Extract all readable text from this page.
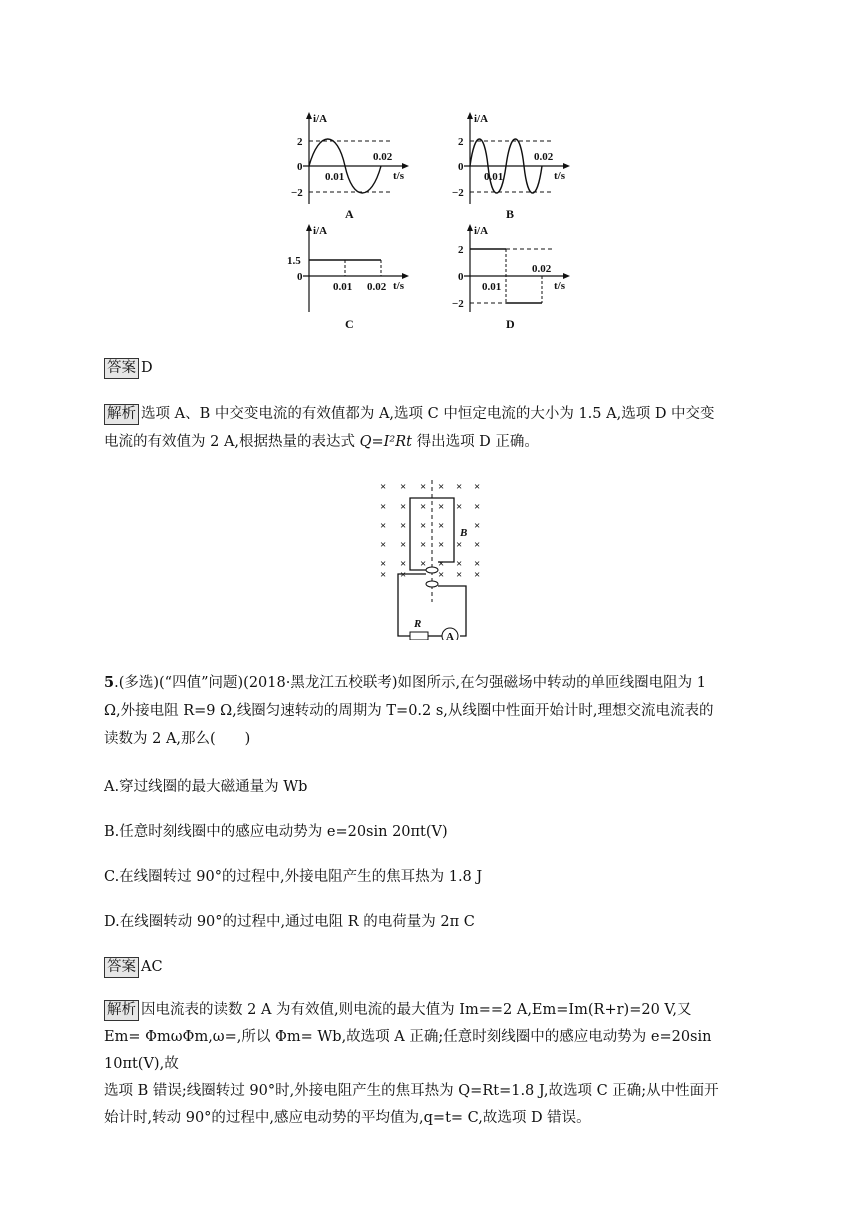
i/A
t/s
2
0
−2
0.01
0.02
A
i/A
t/s
2
0
−2
0.01
0.02
B
i/A
t/s
1.5
0
0.01 0.02
C
i/A
t/s
2
0
−2
0.01
0.02
D
答案 D
解析 选项 A、B 中交变电流的有效值都为 A,选项 C 中恒定电流的大小为 1.5 A,选项 D 中交变
电流的有效值为 2 A,根据热量的表达式 Q=I²Rt 得出选项 D 正确。
× × × × × ×
× × × × × ×
× × × ×	×
× × × × × ×
× × × × × ×
× ×	× × ×
B
A
R
5.(多选)(“四值”问题)(2018·黑龙江五校联考)如图所示,在匀强磁场中转动的单匝线圈电阻为 1
Ω,外接电阻 R=9 Ω,线圈匀速转动的周期为 T=0.2 s,从线圈中性面开始计时,理想交流电流表的
读数为 2 A,那么(　　)
A.穿过线圈的最大磁通量为 Wb
B.任意时刻线圈中的感应电动势为 e=20sin 20πt(V)
C.在线圈转过 90°的过程中,外接电阻产生的焦耳热为 1.8 J
D.在线圈转动 90°的过程中,通过电阻 R 的电荷量为 2π C
答案 AC
解析 因电流表的读数 2 A 为有效值,则电流的最大值为 Im==2 A,Em=Im(R+r)=20 V,又
Em= ΦmωΦm,ω=,所以 Φm= Wb,故选项 A 正确;任意时刻线圈中的感应电动势为 e=20sin 10πt(V),故
选项 B 错误;线圈转过 90°时,外接电阻产生的焦耳热为 Q=Rt=1.8 J,故选项 C 正确;从中性面开
始计时,转动 90°的过程中,感应电动势的平均值为,q=t= C,故选项 D 错误。
